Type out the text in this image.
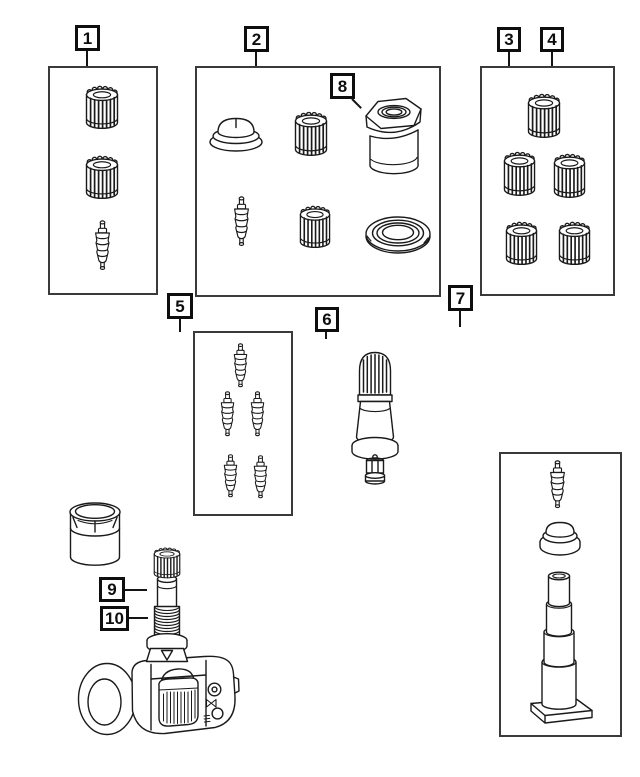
1	2	3 4
5
6
7
8
9
10
